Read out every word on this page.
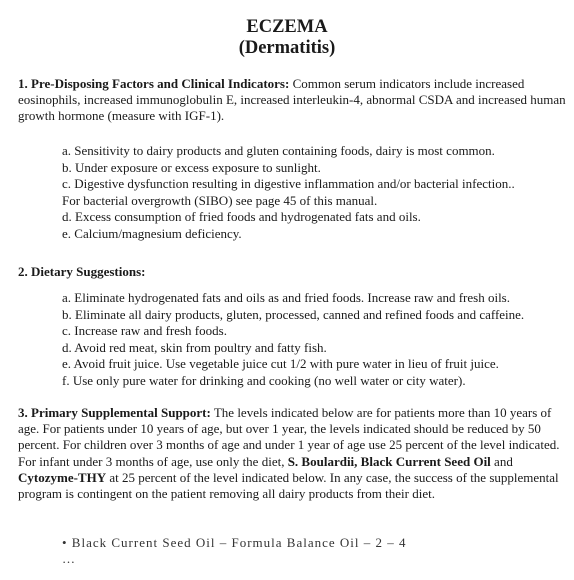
ECZEMA
(Dermatitis)
1. Pre-Disposing Factors and Clinical Indicators: Common serum indicators include increased eosinophils, increased immunoglobulin E, increased interleukin-4, abnormal CSDA and increased human growth hormone (measure with IGF-1).
a. Sensitivity to dairy products and gluten containing foods, dairy is most common.
b. Under exposure or excess exposure to sunlight.
c. Digestive dysfunction resulting in digestive inflammation and/or bacterial infection..
For bacterial overgrowth (SIBO) see page 45 of this manual.
d. Excess consumption of fried foods and hydrogenated fats and oils.
e. Calcium/magnesium deficiency.
2. Dietary Suggestions:
a. Eliminate hydrogenated fats and oils as and fried foods. Increase raw and fresh oils.
b. Eliminate all dairy products, gluten, processed, canned and refined foods and caffeine.
c. Increase raw and fresh foods.
d. Avoid red meat, skin from poultry and fatty fish.
e. Avoid fruit juice. Use vegetable juice cut 1/2 with pure water in lieu of fruit juice.
f. Use only pure water for drinking and cooking (no well water or city water).
3. Primary Supplemental Support: The levels indicated below are for patients more than 10 years of age. For patients under 10 years of age, but over 1 year, the levels indicated should be reduced by 50 percent. For children over 3 months of age and under 1 year of age use 25 percent of the level indicated. For infant under 3 months of age, use only the diet, S. Boulardii, Black Current Seed Oil and Cytozyme-THY at 25 percent of the level indicated below. In any case, the success of the supplemental program is contingent on the patient removing all dairy products from their diet.
• Black Current Seed Oil – Formula Balance Oil – 2 – 4 …
